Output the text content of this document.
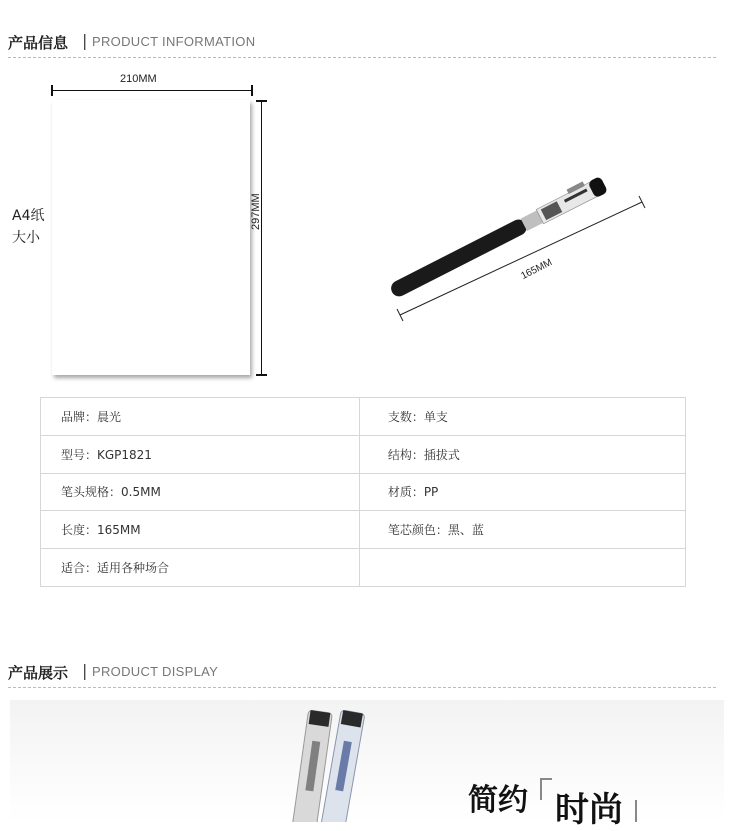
产品信息 | PRODUCT INFORMATION
210MM
297MM
A4纸
大小
165MM
品牌：晨光	支数：单支
型号：KGP1821	结构：插拔式
笔头规格：0.5MM	材质：PP
长度：165MM	笔芯颜色：黑、蓝
适合：适用各种场合	
产品展示 | PRODUCT DISPLAY
简约 时尚
